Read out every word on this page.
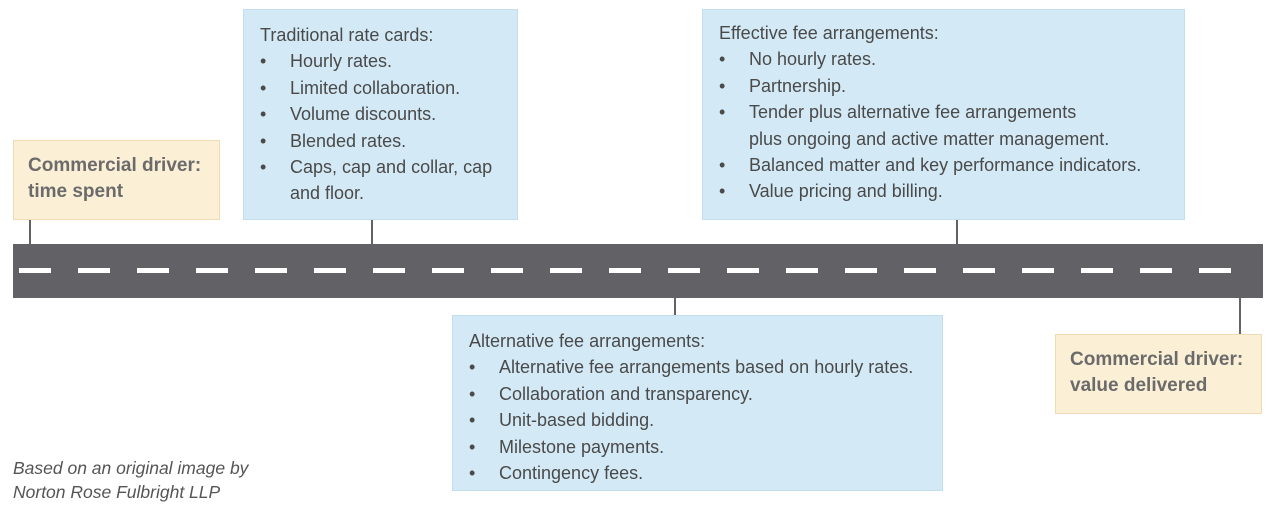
Commercial driver:
time spent
Commercial driver:
value delivered
Traditional rate cards:
• Hourly rates.
• Limited collaboration.
• Volume discounts.
• Blended rates.
• Caps, cap and collar, cap
and floor.
Effective fee arrangements:
• No hourly rates.
• Partnership.
• Tender plus alternative fee arrangements
plus ongoing and active matter management.
• Balanced matter and key performance indicators.
• Value pricing and billing.
Alternative fee arrangements:
• Alternative fee arrangements based on hourly rates.
• Collaboration and transparency.
• Unit-based bidding.
• Milestone payments.
• Contingency fees.
Based on an original image by
Norton Rose Fulbright LLP
